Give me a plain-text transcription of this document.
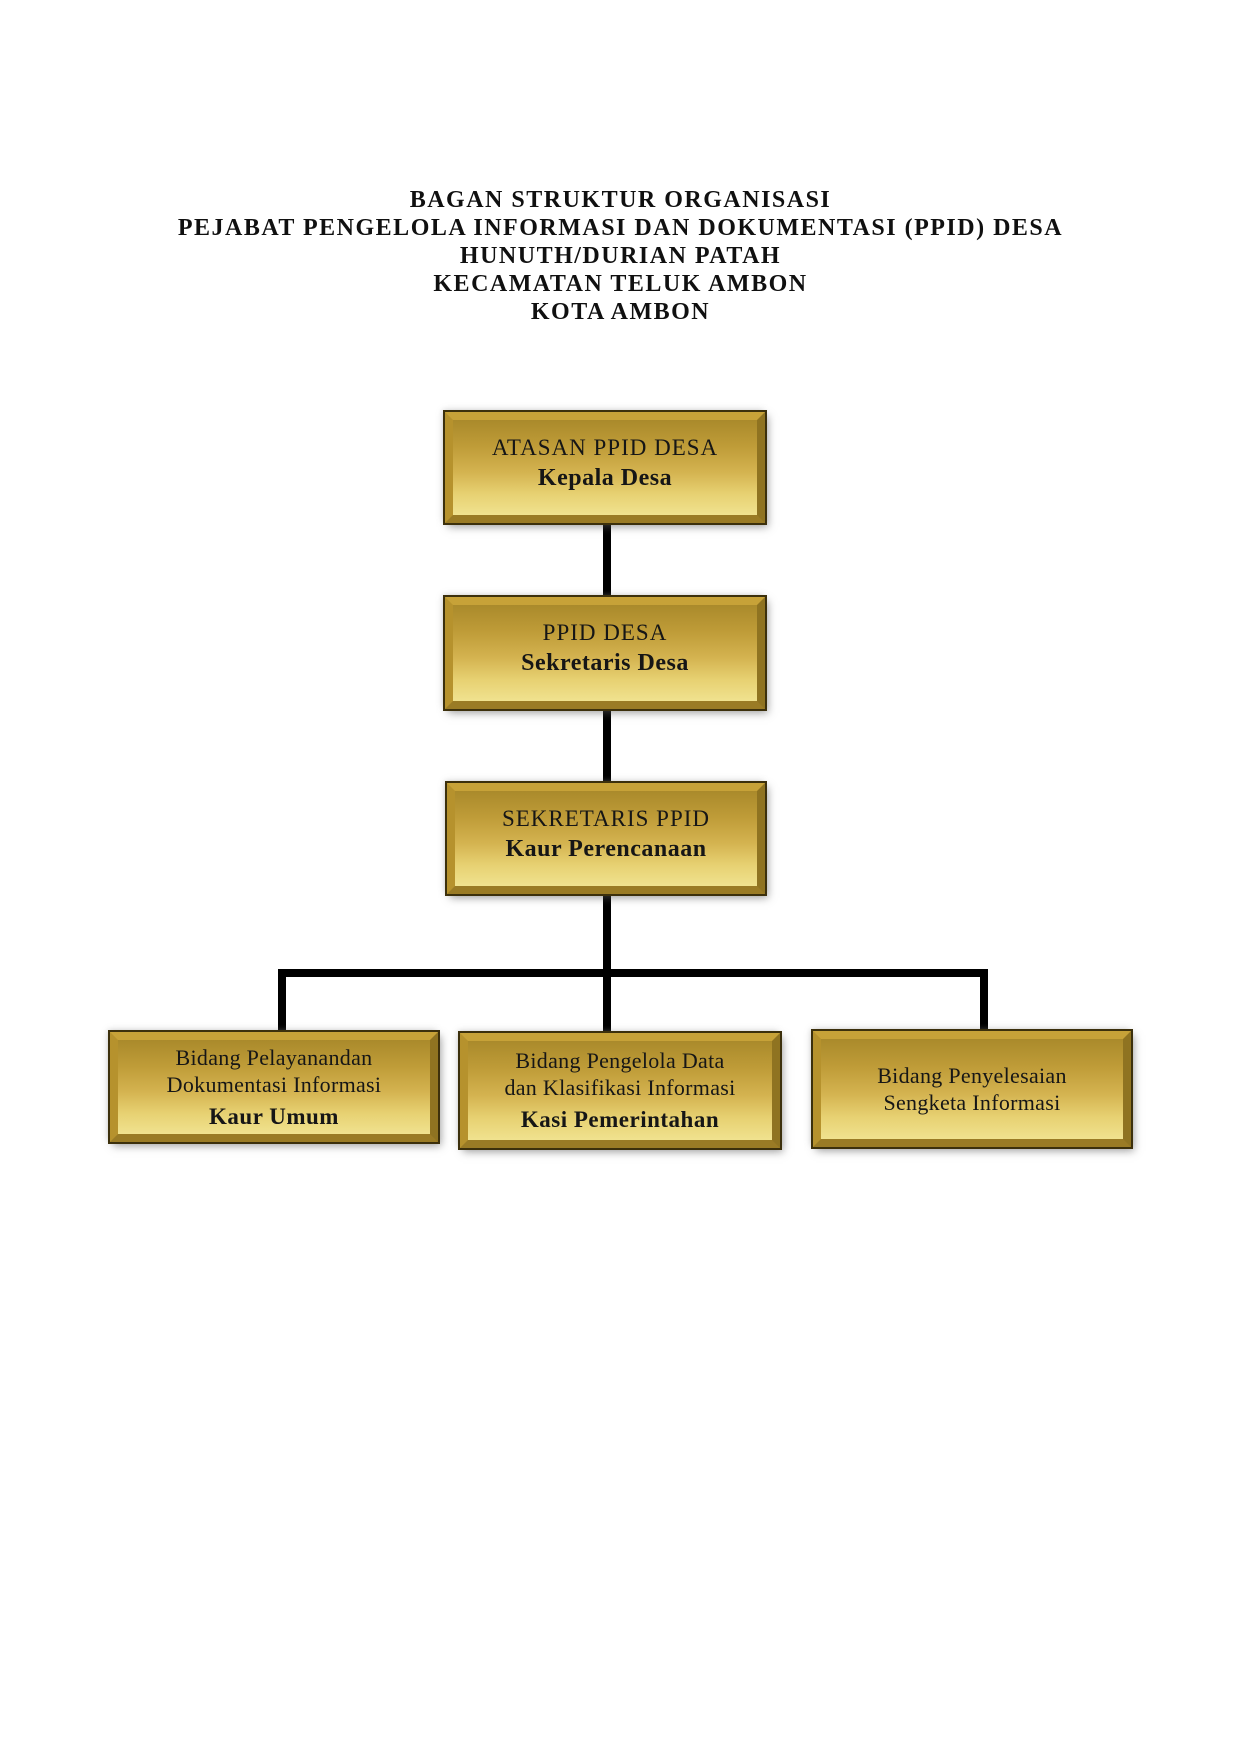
BAGAN STRUKTUR ORGANISASI
PEJABAT PENGELOLA INFORMASI DAN DOKUMENTASI (PPID) DESA
HUNUTH/DURIAN PATAH
KECAMATAN TELUK AMBON
KOTA AMBON
ATASAN PPID DESA
Kepala Desa
PPID DESA
Sekretaris Desa
SEKRETARIS PPID
Kaur Perencanaan
Bidang Pelayanandan
Dokumentasi Informasi
Kaur Umum
Bidang Pengelola Data
dan Klasifikasi Informasi
Kasi Pemerintahan
Bidang Penyelesaian
Sengketa Informasi
